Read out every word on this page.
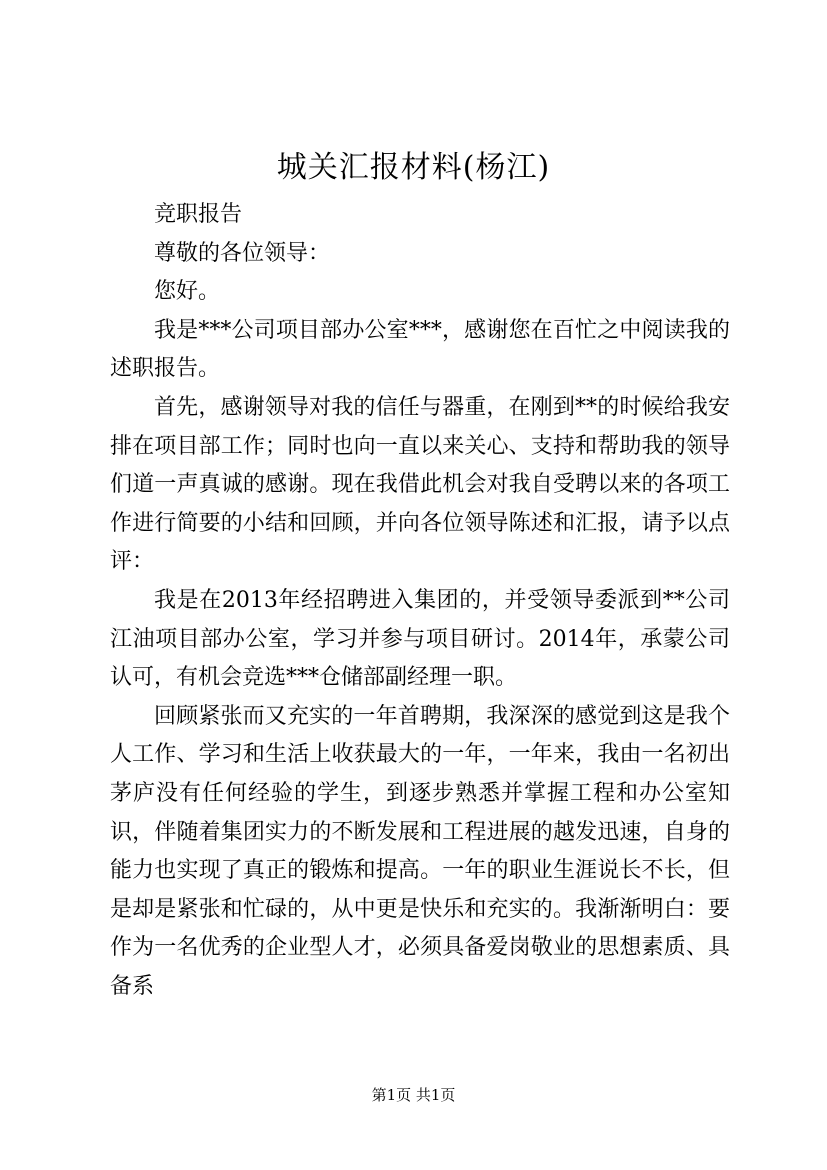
城关汇报材料(杨江)

竞职报告

尊敬的各位领导：

您好。

我是***公司项目部办公室***，感谢您在百忙之中阅读我的述职报告。

首先，感谢领导对我的信任与器重，在刚到**的时候给我安排在项目部工作；同时也向一直以来关心、支持和帮助我的领导们道一声真诚的感谢。现在我借此机会对我自受聘以来的各项工作进行简要的小结和回顾，并向各位领导陈述和汇报，请予以点评：

我是在2013年经招聘进入集团的，并受领导委派到**公司江油项目部办公室，学习并参与项目研讨。2014年，承蒙公司认可，有机会竞选***仓储部副经理一职。

回顾紧张而又充实的一年首聘期，我深深的感觉到这是我个人工作、学习和生活上收获最大的一年，一年来，我由一名初出茅庐没有任何经验的学生，到逐步熟悉并掌握工程和办公室知识，伴随着集团实力的不断发展和工程进展的越发迅速，自身的能力也实现了真正的锻炼和提高。一年的职业生涯说长不长，但是却是紧张和忙碌的，从中更是快乐和充实的。我渐渐明白：要作为一名优秀的企业型人才，必须具备爱岗敬业的思想素质、具备系

第1页 共1页
